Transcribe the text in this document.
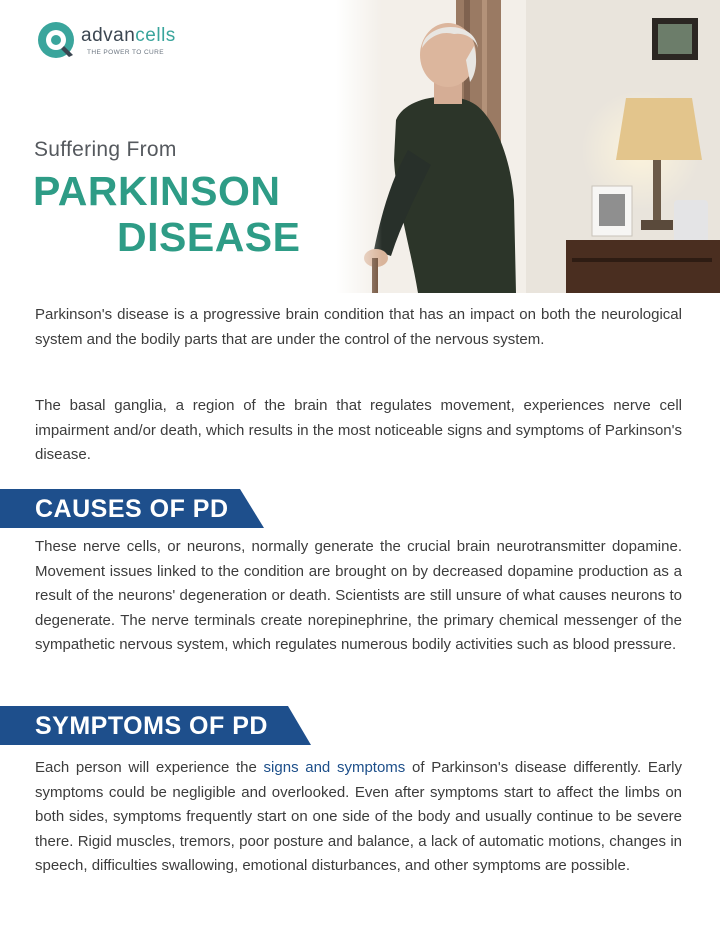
advancells
THE POWER TO CURE
Suffering From
PARKINSON
DISEASE

Parkinson's disease is a progressive brain condition that has an impact on both the neurological system and the bodily parts that are under the control of the nervous system.

The basal ganglia, a region of the brain that regulates movement, experiences nerve cell impairment and/or death, which results in the most noticeable signs and symptoms of Parkinson's disease.

CAUSES OF PD

These nerve cells, or neurons, normally generate the crucial brain neurotransmitter dopamine. Movement issues linked to the condition are brought on by decreased dopamine production as a result of the neurons' degeneration or death. Scientists are still unsure of what causes neurons to degenerate. The nerve terminals create norepinephrine, the primary chemical messenger of the sympathetic nervous system, which regulates numerous bodily activities such as blood pressure.

SYMPTOMS OF PD

Each person will experience the signs and symptoms of Parkinson's disease differently. Early symptoms could be negligible and overlooked. Even after symptoms start to affect the limbs on both sides, symptoms frequently start on one side of the body and usually continue to be severe there. Rigid muscles, tremors, poor posture and balance, a lack of automatic motions, changes in speech, difficulties swallowing, emotional disturbances, and other symptoms are possible.
